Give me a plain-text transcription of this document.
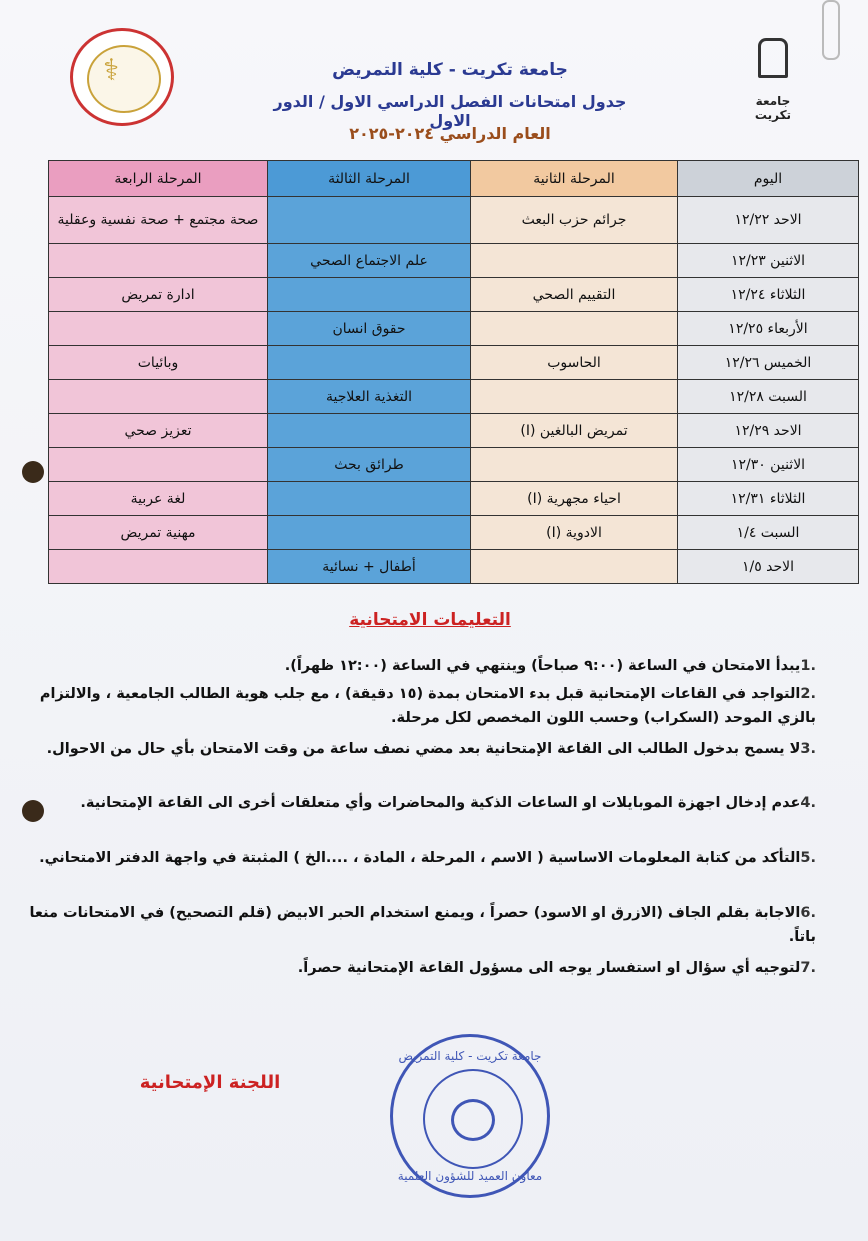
⚕
جامعة تكريت
جامعة تكريت - كلية التمريض
جدول امتحانات الفصل الدراسي الاول / الدور الاول
العام الدراسي ٢٠٢٤-٢٠٢٥
اليوم	المرحلة الثانية	المرحلة الثالثة	المرحلة الرابعة
الاحد ١٢/٢٢	جرائم حزب البعث		صحة مجتمع + صحة نفسية وعقلية
الاثنين ١٢/٢٣		علم الاجتماع الصحي	
الثلاثاء ١٢/٢٤	التقييم الصحي		ادارة تمريض
الأربعاء ١٢/٢٥		حقوق انسان	
الخميس ١٢/٢٦	الحاسوب		وبائيات
السبت ١٢/٢٨		التغذية العلاجية	
الاحد ١٢/٢٩	تمريض البالغين (I)		تعزيز صحي
الاثنين ١٢/٣٠		طرائق بحث	
الثلاثاء ١٢/٣١	احياء مجهرية (I)		لغة عربية
السبت ١/٤	الادوية (I)		مهنية تمريض
الاحد ١/٥		أطفال + نسائية	
التعليمات الامتحانية
.1يبدأ الامتحان في الساعة (٩:٠٠ صباحاً) وينتهي في الساعة (١٢:٠٠ ظهراً).
.2التواجد في القاعات الإمتحانية قبل بدء الامتحان بمدة (١٥ دقيقة) ، مع جلب هوية الطالب الجامعية ، والالتزام بالزي الموحد (السكراب) وحسب اللون المخصص لكل مرحلة.
.3لا يسمح بدخول الطالب الى القاعة الإمتحانية بعد مضي نصف ساعة من وقت الامتحان بأي حال من الاحوال.
.4عدم إدخال اجهزة الموبايلات او الساعات الذكية والمحاضرات وأي متعلقات أخرى الى القاعة الإمتحانية.
.5التأكد من كتابة المعلومات الاساسية ( الاسم ، المرحلة ، المادة ، ....الخ ) المثبتة في واجهة الدفتر الامتحاني.
.6الاجابة بقلم الجاف (الازرق او الاسود) حصراً ، ويمنع استخدام الحبر الابيض (قلم التصحيح) في الامتحانات منعا باتاً.
.7لتوجيه أي سؤال او استفسار يوجه الى مسؤول القاعة الإمتحانية حصراً.
اللجنة الإمتحانية
جامعة تكريت - كلية التمريض
معاون العميد للشؤون العلمية
